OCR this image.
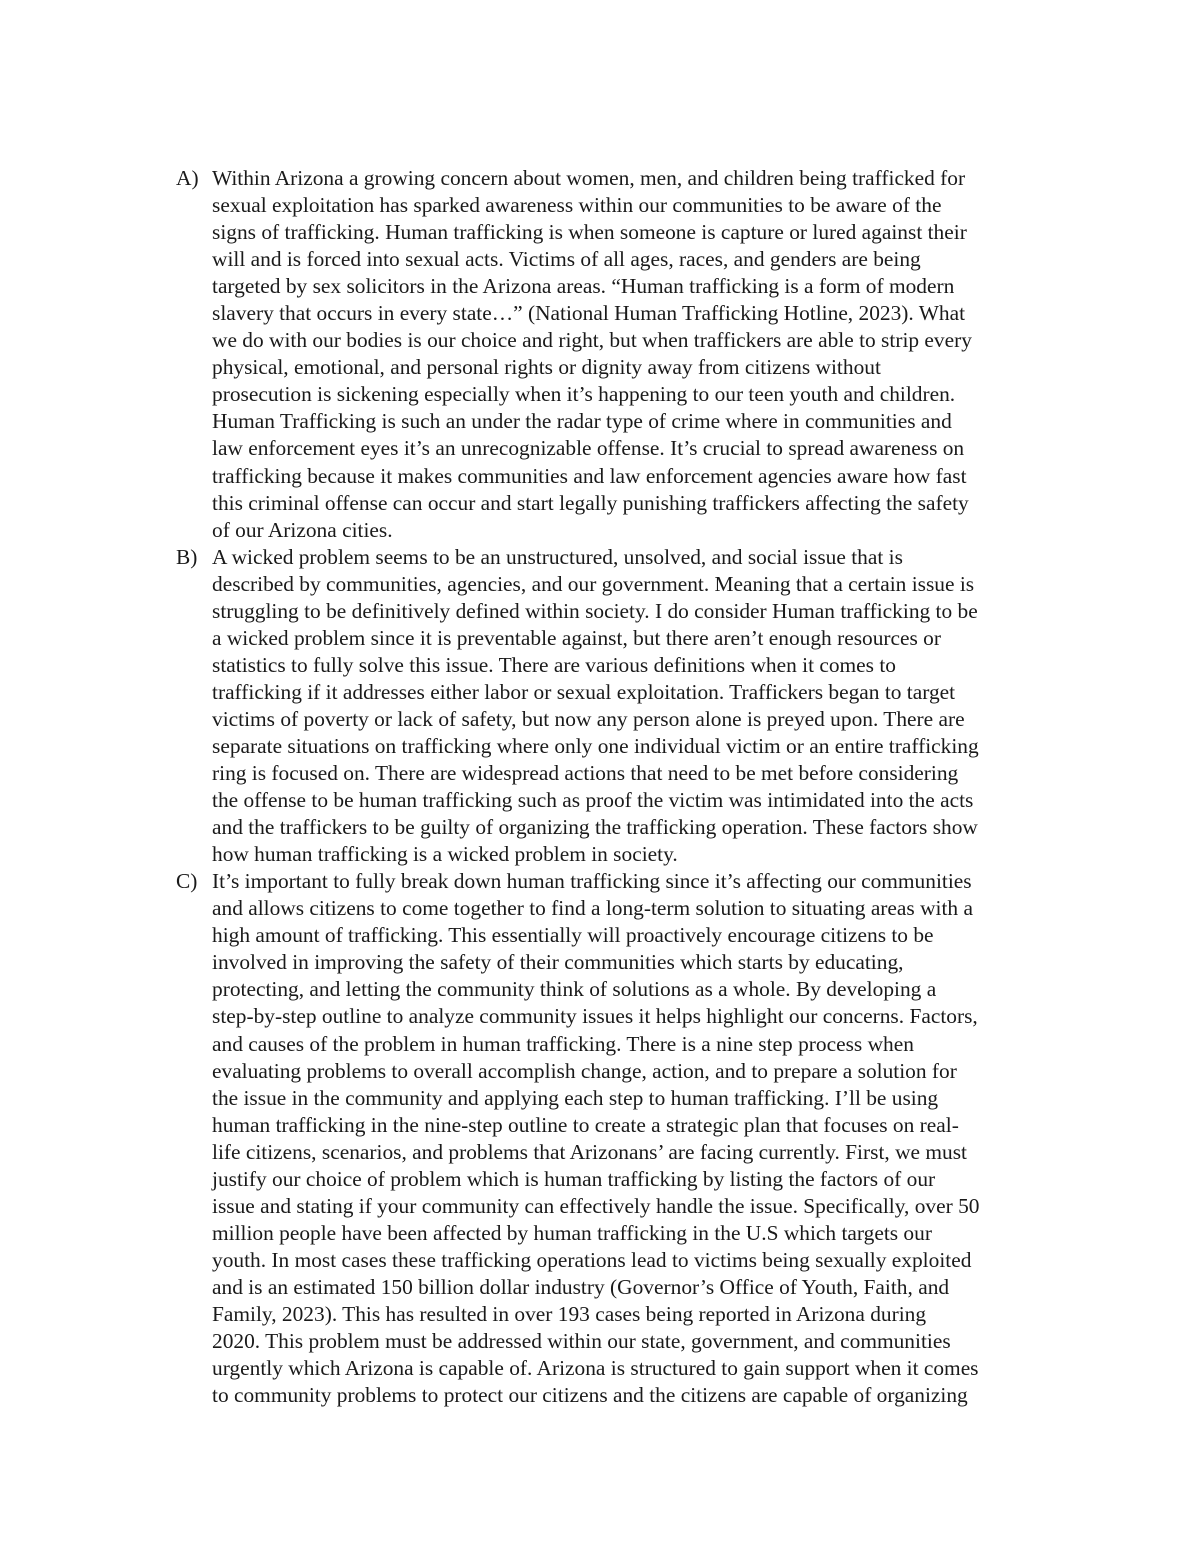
A) Within Arizona a growing concern about women, men, and children being trafficked for
sexual exploitation has sparked awareness within our communities to be aware of the
signs of trafficking. Human trafficking is when someone is capture or lured against their
will and is forced into sexual acts. Victims of all ages, races, and genders are being
targeted by sex solicitors in the Arizona areas. “Human trafficking is a form of modern
slavery that occurs in every state…” (National Human Trafficking Hotline, 2023). What
we do with our bodies is our choice and right, but when traffickers are able to strip every
physical, emotional, and personal rights or dignity away from citizens without
prosecution is sickening especially when it’s happening to our teen youth and children.
Human Trafficking is such an under the radar type of crime where in communities and
law enforcement eyes it’s an unrecognizable offense. It’s crucial to spread awareness on
trafficking because it makes communities and law enforcement agencies aware how fast
this criminal offense can occur and start legally punishing traffickers affecting the safety
of our Arizona cities.
B) A wicked problem seems to be an unstructured, unsolved, and social issue that is
described by communities, agencies, and our government. Meaning that a certain issue is
struggling to be definitively defined within society. I do consider Human trafficking to be
a wicked problem since it is preventable against, but there aren’t enough resources or
statistics to fully solve this issue. There are various definitions when it comes to
trafficking if it addresses either labor or sexual exploitation. Traffickers began to target
victims of poverty or lack of safety, but now any person alone is preyed upon. There are
separate situations on trafficking where only one individual victim or an entire trafficking
ring is focused on. There are widespread actions that need to be met before considering
the offense to be human trafficking such as proof the victim was intimidated into the acts
and the traffickers to be guilty of organizing the trafficking operation. These factors show
how human trafficking is a wicked problem in society.
C) It’s important to fully break down human trafficking since it’s affecting our communities
and allows citizens to come together to find a long-term solution to situating areas with a
high amount of trafficking. This essentially will proactively encourage citizens to be
involved in improving the safety of their communities which starts by educating,
protecting, and letting the community think of solutions as a whole. By developing a
step-by-step outline to analyze community issues it helps highlight our concerns. Factors,
and causes of the problem in human trafficking. There is a nine step process when
evaluating problems to overall accomplish change, action, and to prepare a solution for
the issue in the community and applying each step to human trafficking. I’ll be using
human trafficking in the nine-step outline to create a strategic plan that focuses on real-
life citizens, scenarios, and problems that Arizonans’ are facing currently. First, we must
justify our choice of problem which is human trafficking by listing the factors of our
issue and stating if your community can effectively handle the issue. Specifically, over 50
million people have been affected by human trafficking in the U.S which targets our
youth. In most cases these trafficking operations lead to victims being sexually exploited
and is an estimated 150 billion dollar industry (Governor’s Office of Youth, Faith, and
Family, 2023). This has resulted in over 193 cases being reported in Arizona during
2020. This problem must be addressed within our state, government, and communities
urgently which Arizona is capable of. Arizona is structured to gain support when it comes
to community problems to protect our citizens and the citizens are capable of organizing
